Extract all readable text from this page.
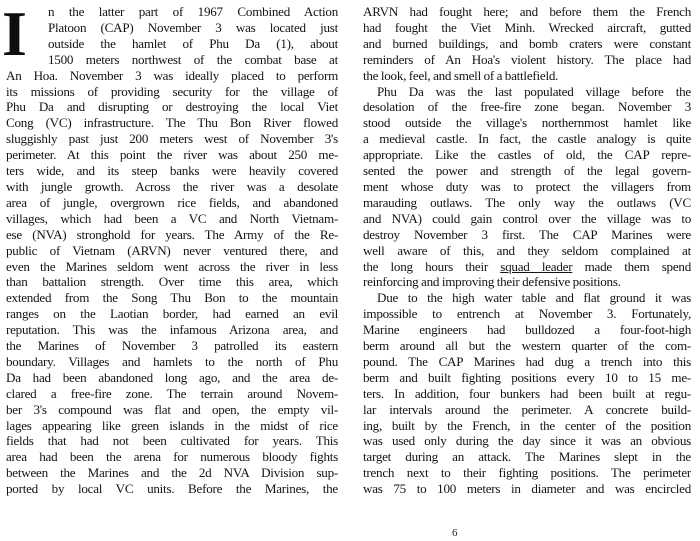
I	n the latter part of 1967 Combined Action
Platoon (CAP) November 3 was located just
outside the hamlet of Phu Da (1), about
1500 meters northwest of the combat base at
An Hoa. November 3 was ideally placed to perform
its missions of providing security for the village of
Phu Da and disrupting or destroying the local Viet
Cong (VC) infrastructure. The Thu Bon River flowed
sluggishly past just 200 meters west of November 3's
perimeter. At this point the river was about 250 me-
ters wide, and its steep banks were heavily covered
with jungle growth. Across the river was a desolate
area of jungle, overgrown rice fields, and abandoned
villages, which had been a VC and North Vietnam-
ese (NVA) stronghold for years. The Army of the Re-
public of Vietnam (ARVN) never ventured there, and
even the Marines seldom went across the river in less
than battalion strength. Over time this area, which
extended from the Song Thu Bon to the mountain
ranges on the Laotian border, had earned an evil
reputation. This was the infamous Arizona area, and
the Marines of November 3 patrolled its eastern
boundary. Villages and hamlets to the north of Phu
Da had been abandoned long ago, and the area de-
clared a free-fire zone. The terrain around Novem-
ber 3's compound was flat and open, the empty vil-
lages appearing like green islands in the midst of rice
fields that had not been cultivated for years. This
area had been the arena for numerous bloody fights
between the Marines and the 2d NVA Division sup-
ported by local VC units. Before the Marines, the
ARVN had fought here; and before them the French
had fought the Viet Minh. Wrecked aircraft, gutted
and burned buildings, and bomb craters were constant
reminders of An Hoa's violent history. The place had
the look, feel, and smell of a battlefield.
Phu Da was the last populated village before the
desolation of the free-fire zone began. November 3
stood outside the village's northernmost hamlet like
a medieval castle. In fact, the castle analogy is quite
appropriate. Like the castles of old, the CAP repre-
sented the power and strength of the legal govern-
ment whose duty was to protect the villagers from
marauding outlaws. The only way the outlaws (VC
and NVA) could gain control over the village was to
destroy November 3 first. The CAP Marines were
well aware of this, and they seldom complained at
the long hours their squad leader made them spend
reinforcing and improving their defensive positions.
Due to the high water table and flat ground it was
impossible to entrench at November 3. Fortunately,
Marine engineers had bulldozed a four-foot-high
berm around all but the western quarter of the com-
pound. The CAP Marines had dug a trench into this
berm and built fighting positions every 10 to 15 me-
ters. In addition, four bunkers had been built at regu-
lar intervals around the perimeter. A concrete build-
ing, built by the French, in the center of the position
was used only during the day since it was an obvious
target during an attack. The Marines slept in the
trench next to their fighting positions. The perimeter
was 75 to 100 meters in diameter and was encircled
6
